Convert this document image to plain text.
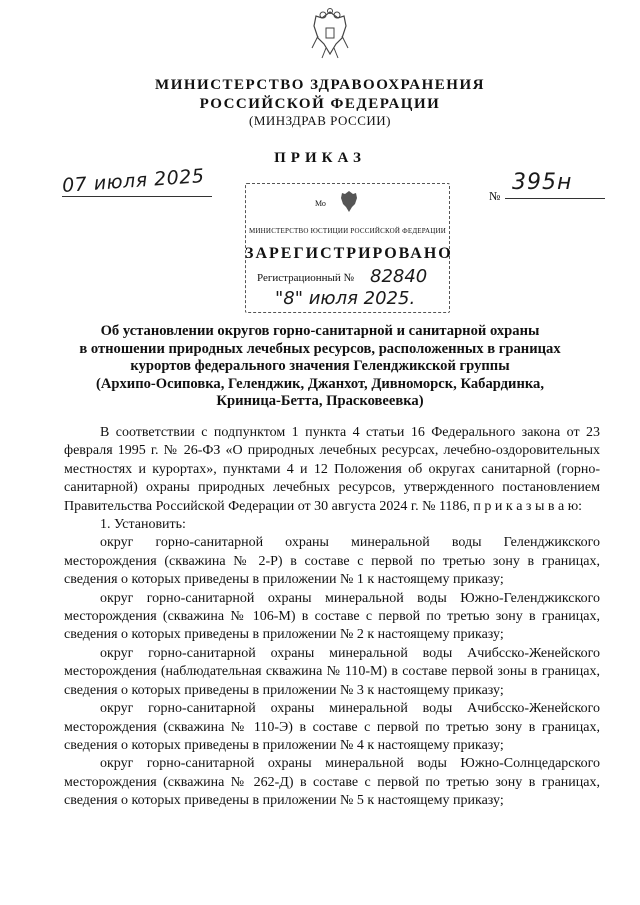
МИНИСТЕРСТВО ЗДРАВООХРАНЕНИЯ
РОССИЙСКОЙ ФЕДЕРАЦИИ
(МИНЗДРАВ РОССИИ)
ПРИКАЗ
07 июля 2025	№
395н
Мо
МИНИСТЕРСТВО ЮСТИЦИИ РОССИЙСКОЙ ФЕДЕРАЦИИ
ЗАРЕГИСТРИРОВАНО
Регистрационный № 82840
"8" июля 2025.
Об установлении округов горно-санитарной и санитарной охраны
в отношении природных лечебных ресурсов, расположенных в границах
курортов федерального значения Геленджикской группы
(Архипо-Осиповка, Геленджик, Джанхот, Дивноморск, Кабардинка,
Криница-Бетта, Прасковеевка)

В соответствии с подпунктом 1 пункта 4 статьи 16 Федерального закона от 23 февраля 1995 г. № 26-ФЗ «О природных лечебных ресурсах, лечебно-оздоровительных местностях и курортах», пунктами 4 и 12 Положения об округах санитарной (горно-санитарной) охраны природных лечебных ресурсов, утвержденного постановлением Правительства Российской Федерации от 30 августа 2024 г. № 1186, п р и к а з ы в а ю:

1. Установить:

округ горно-санитарной охраны минеральной воды Геленджикского месторождения (скважина № 2-Р) в составе с первой по третью зону в границах, сведения о которых приведены в приложении № 1 к настоящему приказу;

округ горно-санитарной охраны минеральной воды Южно-Геленджикского месторождения (скважина № 106-М) в составе с первой по третью зону в границах, сведения о которых приведены в приложении № 2 к настоящему приказу;

округ горно-санитарной охраны минеральной воды Ачибсско-Женейского месторождения (наблюдательная скважина № 110-М) в составе первой зоны в границах, сведения о которых приведены в приложении № 3 к настоящему приказу;

округ горно-санитарной охраны минеральной воды Ачибсско-Женейского месторождения (скважина № 110-Э) в составе с первой по третью зону в границах, сведения о которых приведены в приложении № 4 к настоящему приказу;

округ горно-санитарной охраны минеральной воды Южно-Солнцедарского месторождения (скважина № 262-Д) в составе с первой по третью зону в границах, сведения о которых приведены в приложении № 5 к настоящему приказу;
